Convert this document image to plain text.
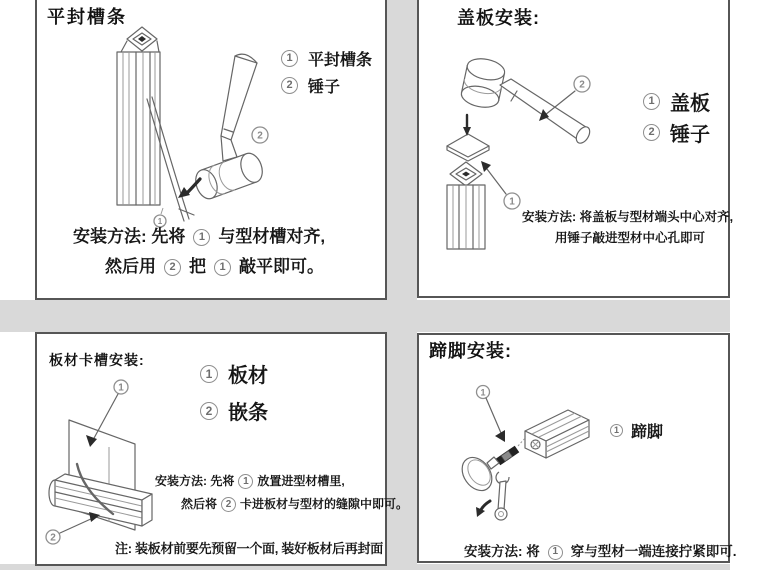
平封槽条
1
2
1 平封槽条
2 锤子
安装方法: 先将	1 与型材槽对齐,
然后用	2 把	1 敲平即可。
盖板安装:
2
1
1 盖板
2 锤子
安装方法: 将盖板与型材端头中心对齐,
用锤子敲进型材中心孔即可
板材卡槽安装:
1
2
1 板材
2 嵌条
安装方法: 先将 1 放置进型材槽里,
然后将 2 卡进板材与型材的缝隙中即可。
注: 装板材前要先预留一个面, 装好板材后再封面
蹄脚安装:
1
1 蹄脚
安装方法: 将	1 穿与型材一端连接拧紧即可.
